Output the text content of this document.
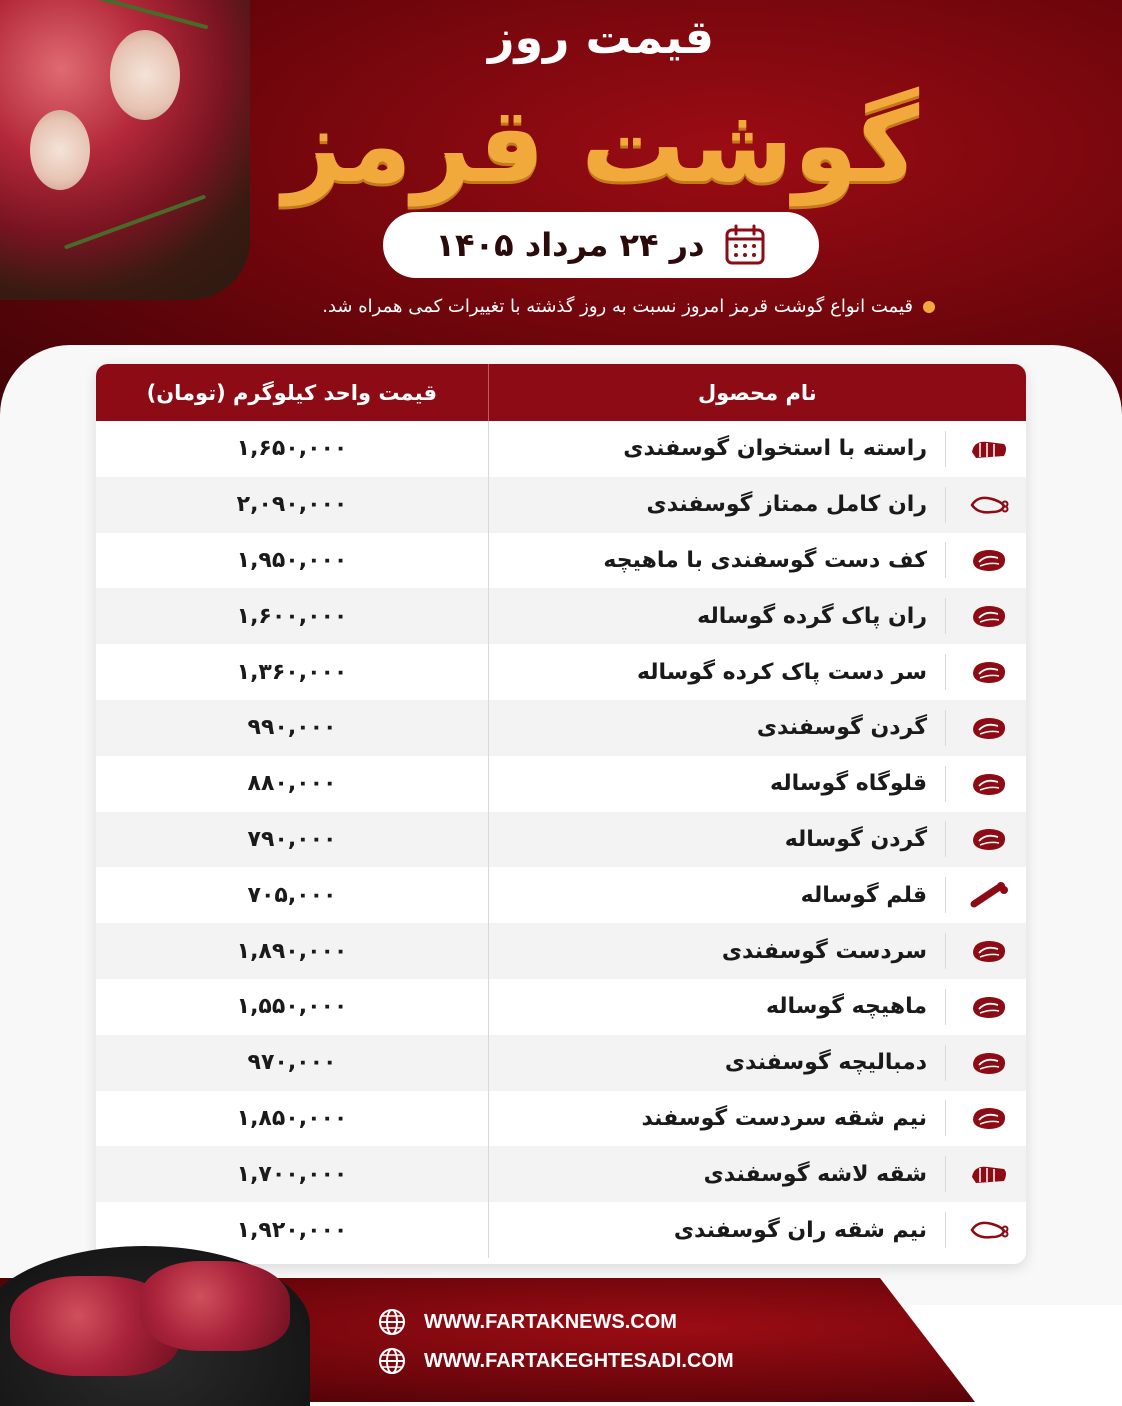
قیمت روز
گوشت قرمز
در ۲۴ مرداد ۱۴۰۵
قیمت انواع گوشت قرمز امروز نسبت به روز گذشته با تغییرات کمی همراه شد.
نام محصول
قیمت واحد کیلوگرم (تومان)
راسته با استخوان گوسفندی
۱,۶۵۰,۰۰۰
ران کامل ممتاز گوسفندی
۲,۰۹۰,۰۰۰
کف دست گوسفندی با ماهیچه
۱,۹۵۰,۰۰۰
ران پاک گرده گوساله
۱,۶۰۰,۰۰۰
سر دست پاک کرده گوساله
۱,۳۶۰,۰۰۰
گردن گوسفندی
۹۹۰,۰۰۰
قلوگاه گوساله
۸۸۰,۰۰۰
گردن گوساله
۷۹۰,۰۰۰
قلم گوساله
۷۰۵,۰۰۰
سردست گوسفندی
۱,۸۹۰,۰۰۰
ماهیچه گوساله
۱,۵۵۰,۰۰۰
دمبالیچه گوسفندی
۹۷۰,۰۰۰
نیم شقه سردست گوسفند
۱,۸۵۰,۰۰۰
شقه لاشه گوسفندی
۱,۷۰۰,۰۰۰
نیم شقه ران گوسفندی
۱,۹۲۰,۰۰۰
WWW.FARTAKNEWS.COM
WWW.FARTAKEGHTESADI.COM
